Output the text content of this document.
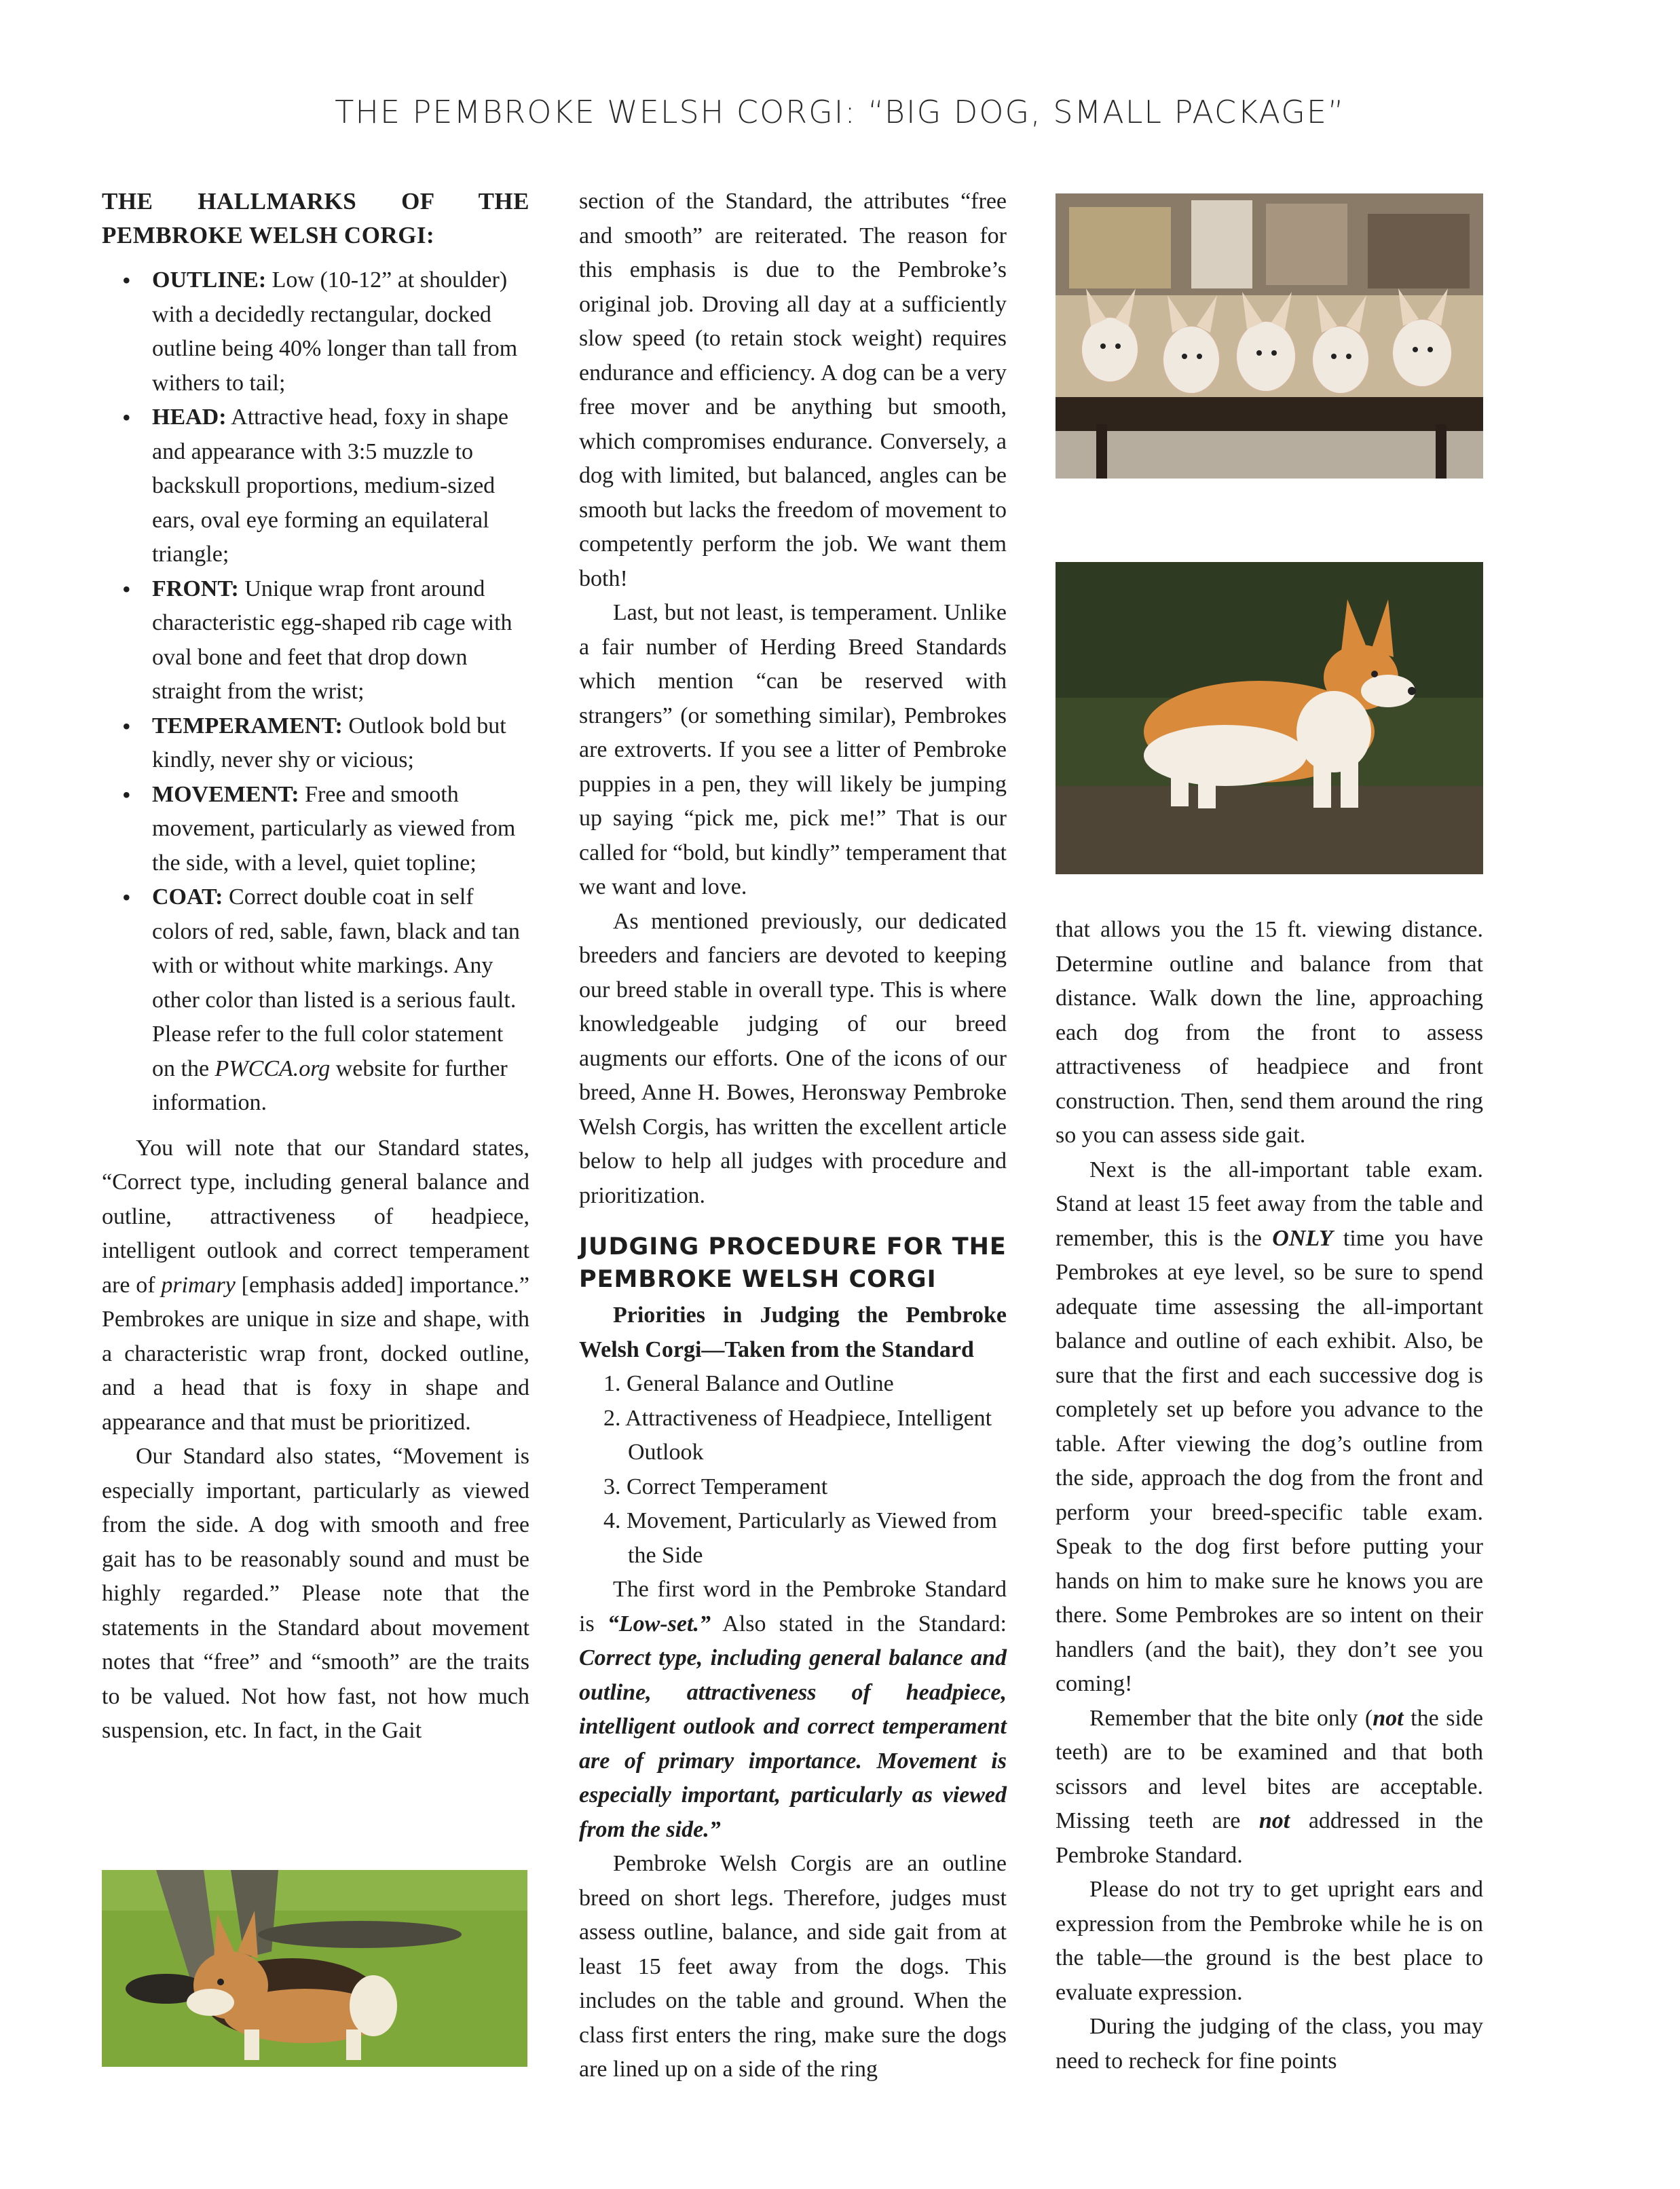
THE PEMBROKE WELSH CORGI: “BIG DOG, SMALL PACKAGE”

THE HALLMARKS OF THE PEMBROKE WELSH CORGI:

• OUTLINE: Low (10-12” at shoulder) with a decidedly rectangular, docked outline being 40% longer than tall from withers to tail;
• HEAD: Attractive head, foxy in shape and appearance with 3:5 muzzle to backskull proportions, medium-sized ears, oval eye forming an equilateral triangle;
• FRONT: Unique wrap front around characteristic egg-shaped rib cage with oval bone and feet that drop down straight from the wrist;
• TEMPERAMENT: Outlook bold but kindly, never shy or vicious;
• MOVEMENT: Free and smooth movement, particularly as viewed from the side, with a level, quiet topline;
• COAT: Correct double coat in self colors of red, sable, fawn, black and tan with or without white markings. Any other color than listed is a serious fault. Please refer to the full color statement on the PWCCA.org website for further information.

You will note that our Standard states, “Correct type, including general balance and outline, attractiveness of headpiece, intelligent outlook and correct temperament are of primary [emphasis added] importance.” Pembrokes are unique in size and shape, with a characteristic wrap front, docked outline, and a head that is foxy in shape and appearance and that must be prioritized.

Our Standard also states, “Movement is especially important, particularly as viewed from the side. A dog with smooth and free gait has to be reasonably sound and must be highly regarded.” Please note that the statements in the Standard about movement notes that “free” and “smooth” are the traits to be valued. Not how fast, not how much suspension, etc. In fact, in the Gait

section of the Standard, the attributes “free and smooth” are reiterated. The reason for this emphasis is due to the Pembroke’s original job. Droving all day at a sufficiently slow speed (to retain stock weight) requires endurance and efficiency. A dog can be a very free mover and be anything but smooth, which compromises endurance. Conversely, a dog with limited, but balanced, angles can be smooth but lacks the freedom of movement to competently perform the job. We want them both!

Last, but not least, is temperament. Unlike a fair number of Herding Breed Standards which mention “can be reserved with strangers” (or something similar), Pembrokes are extroverts. If you see a litter of Pembroke puppies in a pen, they will likely be jumping up saying “pick me, pick me!” That is our called for “bold, but kindly” temperament that we want and love.

As mentioned previously, our dedicated breeders and fanciers are devoted to keeping our breed stable in overall type. This is where knowledgeable judging of our breed augments our efforts. One of the icons of our breed, Anne H. Bowes, Heronsway Pembroke Welsh Corgis, has written the excellent article below to help all judges with procedure and prioritization.

JUDGING PROCEDURE FOR THE PEMBROKE WELSH CORGI

Priorities in Judging the Pembroke Welsh Corgi—Taken from the Standard

1. General Balance and Outline
2. Attractiveness of Headpiece, Intelligent Outlook
3. Correct Temperament
4. Movement, Particularly as Viewed from the Side

The first word in the Pembroke Standard is “Low-set.” Also stated in the Standard: Correct type, including general balance and outline, attractiveness of headpiece, intelligent outlook and correct temperament are of primary importance. Movement is especially important, particularly as viewed from the side.”

Pembroke Welsh Corgis are an outline breed on short legs. Therefore, judges must assess outline, balance, and side gait from at least 15 feet away from the dogs. This includes on the table and ground. When the class first enters the ring, make sure the dogs are lined up on a side of the ring

that allows you the 15 ft. viewing distance. Determine outline and balance from that distance. Walk down the line, approaching each dog from the front to assess attractiveness of headpiece and front construction. Then, send them around the ring so you can assess side gait.

Next is the all-important table exam. Stand at least 15 feet away from the table and remember, this is the ONLY time you have Pembrokes at eye level, so be sure to spend adequate time assessing the all-important balance and outline of each exhibit. Also, be sure that the first and each successive dog is completely set up before you advance to the table. After viewing the dog’s outline from the side, approach the dog from the front and perform your breed-specific table exam. Speak to the dog first before putting your hands on him to make sure he knows you are there. Some Pembrokes are so intent on their handlers (and the bait), they don’t see you coming!

Remember that the bite only (not the side teeth) are to be examined and that both scissors and level bites are acceptable. Missing teeth are not addressed in the Pembroke Standard.

Please do not try to get upright ears and expression from the Pembroke while he is on the table—the ground is the best place to evaluate expression.

During the judging of the class, you may need to recheck for fine points
